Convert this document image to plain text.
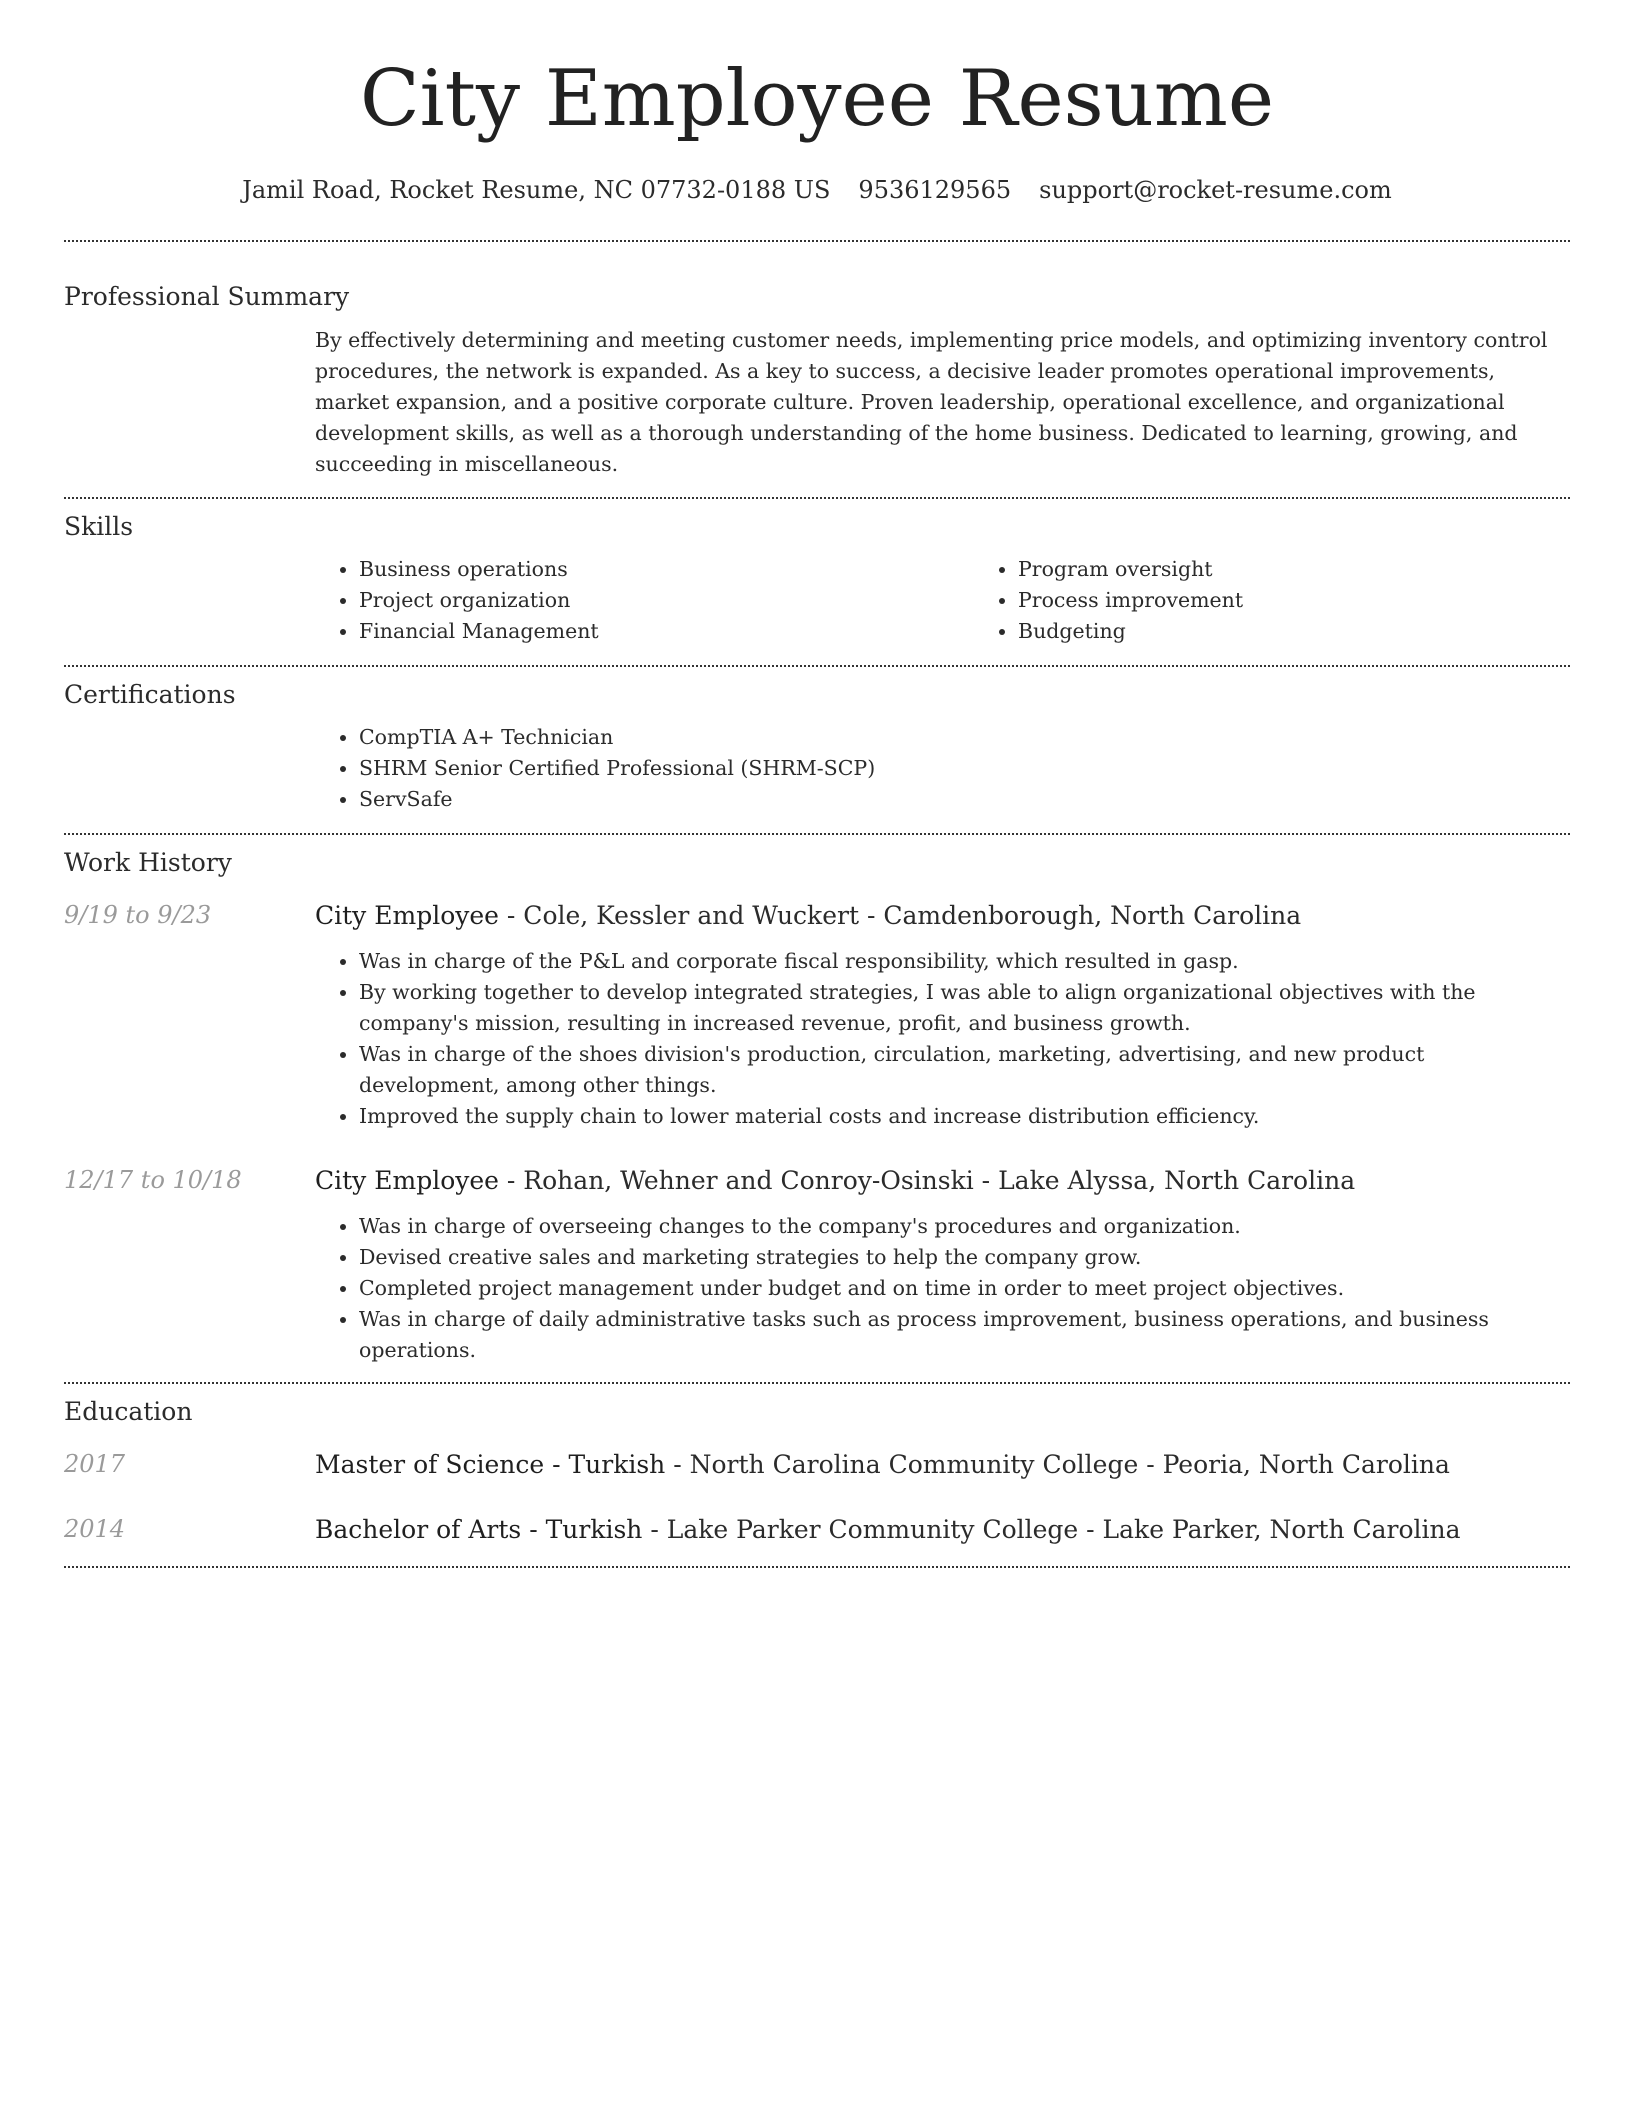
City Employee Resume
Jamil Road, Rocket Resume, NC 07732-0188 US 9536129565 support@rocket-resume.com
Professional Summary

By effectively determining and meeting customer needs, implementing price models, and optimizing inventory control procedures, the network is expanded. As a key to success, a decisive leader promotes operational improvements, market expansion, and a positive corporate culture. Proven leadership, operational excellence, and organizational development skills, as well as a thorough understanding of the home business. Dedicated to learning, growing, and succeeding in miscellaneous.

Skills
• Business operations
• Project organization
• Financial Management
• Program oversight
• Process improvement
• Budgeting
Certifications
• CompTIA A+ Technician
• SHRM Senior Certified Professional (SHRM-SCP)
• ServSafe
Work History
9/19 to 9/23	City Employee - Cole, Kessler and Wuckert - Camdenborough, North Carolina
• Was in charge of the P&L and corporate fiscal responsibility, which resulted in gasp.
• By working together to develop integrated strategies, I was able to align organizational objectives with the company's mission, resulting in increased revenue, profit, and business growth.
• Was in charge of the shoes division's production, circulation, marketing, advertising, and new product development, among other things.
• Improved the supply chain to lower material costs and increase distribution efficiency.
12/17 to 10/18	City Employee - Rohan, Wehner and Conroy-Osinski - Lake Alyssa, North Carolina
• Was in charge of overseeing changes to the company's procedures and organization.
• Devised creative sales and marketing strategies to help the company grow.
• Completed project management under budget and on time in order to meet project objectives.
• Was in charge of daily administrative tasks such as process improvement, business operations, and business operations.
Education
2017	Master of Science - Turkish - North Carolina Community College - Peoria, North Carolina
2014	Bachelor of Arts - Turkish - Lake Parker Community College - Lake Parker, North Carolina
